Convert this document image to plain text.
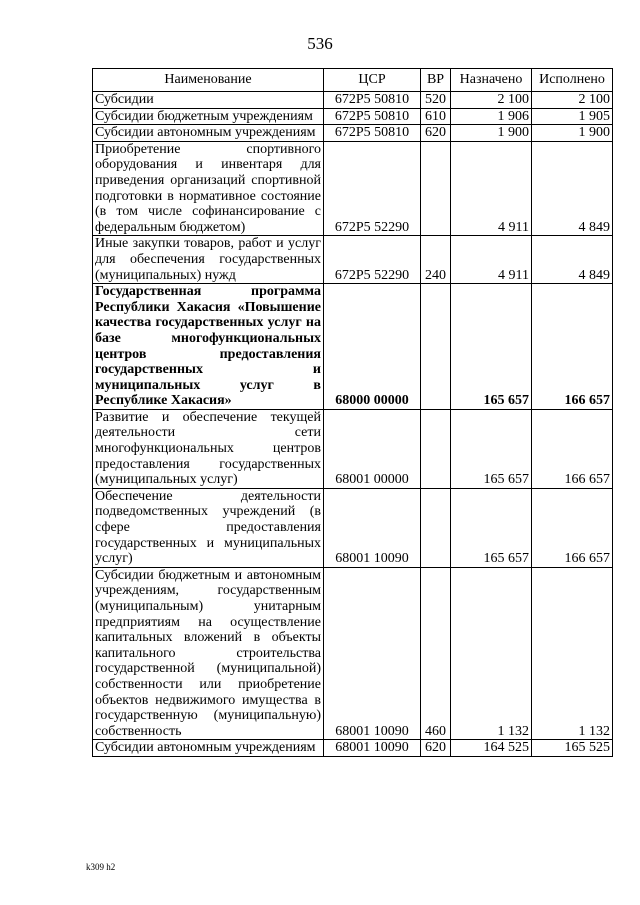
536
Наименование	ЦСР	ВР	Назначено	Исполнено
Субсидии	672Р5 50810	520	2 100	2 100
Субсидии бюджетным учреждениям	672Р5 50810	610	1 906	1 905
Субсидии автономным учреждениям	672Р5 50810	620	1 900	1 900
Приобретение спортивного оборудования и инвентаря для приведения организаций спортивной подготовки в нормативное состояние (в том числе софинансирование с федеральным бюджетом)	672Р5 52290		4 911	4 849
Иные закупки товаров, работ и услуг для обеспечения государственных (муниципальных) нужд	672Р5 52290	240	4 911	4 849
Государственная программа Республики Хакасия «Повышение качества государственных услуг на базе многофункциональных центров предоставления государственных и муниципальных услуг в Республике Хакасия»	68000 00000		165 657	166 657
Развитие и обеспечение текущей деятельности сети многофункциональных центров предоставления государственных (муниципальных услуг)	68001 00000		165 657	166 657
Обеспечение деятельности подведомственных учреждений (в сфере предоставления государственных и муниципальных услуг)	68001 10090		165 657	166 657
Субсидии бюджетным и автономным учреждениям, государственным (муниципальным) унитарным предприятиям на осуществление капитальных вложений в объекты капитального строительства государственной (муниципальной) собственности или приобретение объектов недвижимого имущества в государственную (муниципальную) собственность	68001 10090	460	1 132	1 132
Субсидии автономным учреждениям	68001 10090	620	164 525	165 525
k309 h2
